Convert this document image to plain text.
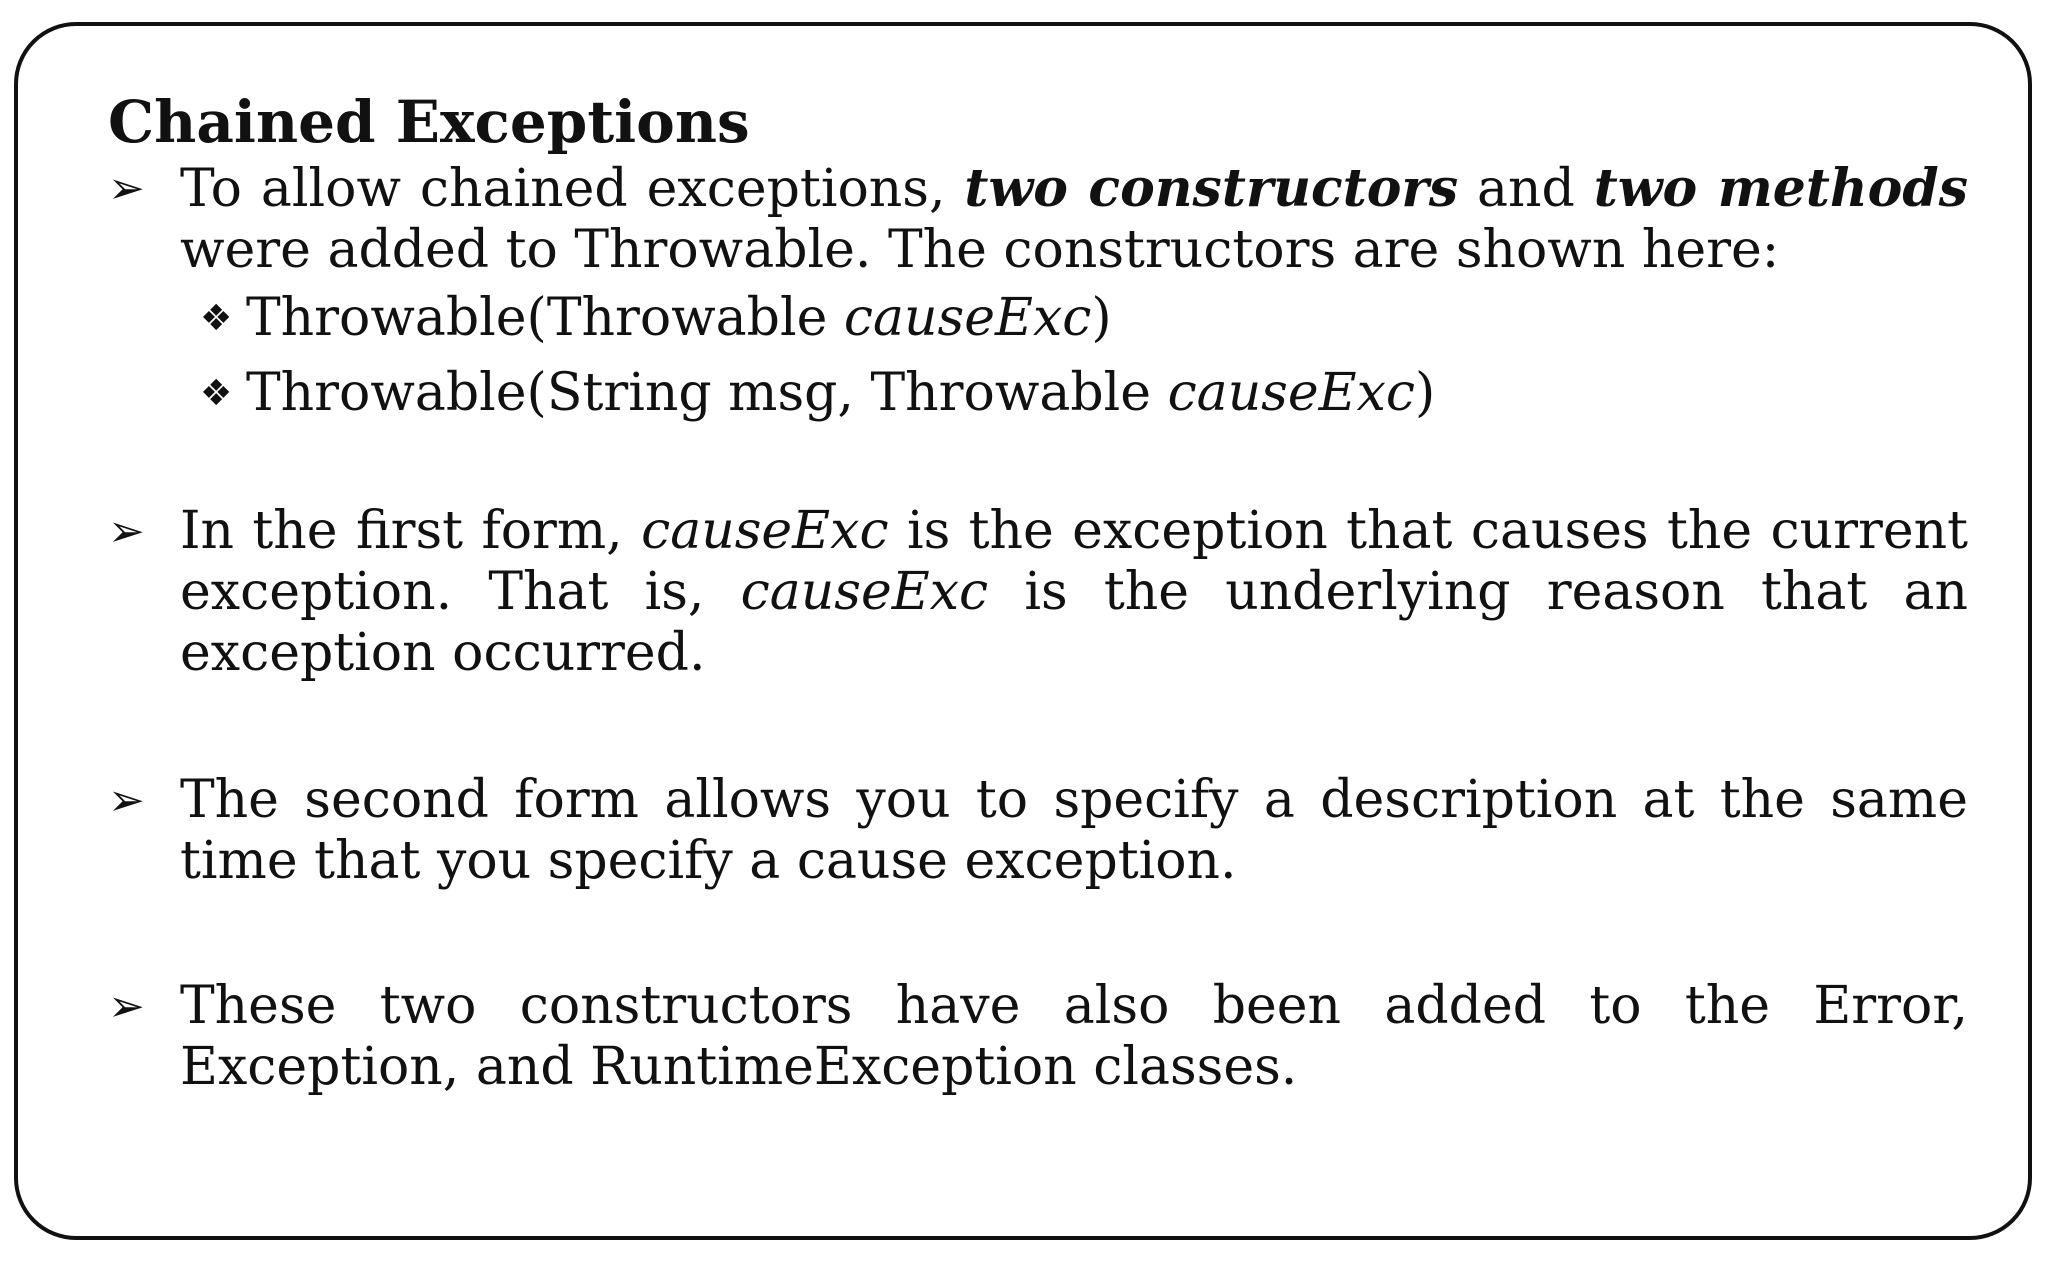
Chained Exceptions
➢ To allow chained exceptions, two constructors and two methods were added to Throwable. The constructors are shown here:
❖ Throwable(Throwable causeExc)
❖ Throwable(String msg, Throwable causeExc)
➢ In the first form, causeExc is the exception that causes the current exception. That is, causeExc is the underlying reason that an exception occurred.
➢ The second form allows you to specify a description at the same time that you specify a cause exception.
➢ These two constructors have also been added to the Error, Exception, and RuntimeException classes.
